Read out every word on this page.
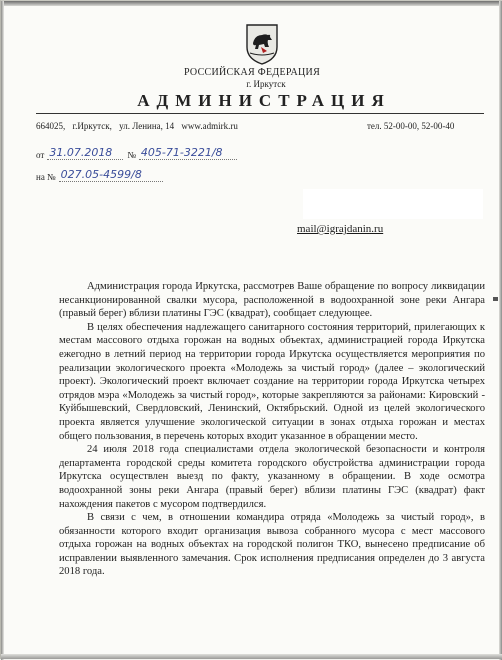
РОССИЙСКАЯ ФЕДЕРАЦИЯ
г. Иркутск
АДМИНИСТРАЦИЯ
664025, г.Иркутск, ул. Ленина, 14 www.admirk.ru	тел. 52-00-00, 52-00-40
от 31.07.2018	№ 405-71-3221/8
на № 027.05-4599/8
mail@igrajdanin.ru

Администрация города Иркутска, рассмотрев Ваше обращение по вопросу ликвидации несанкционированной свалки мусора, расположенной в водоохранной зоне реки Ангара (правый берег) вблизи платины ГЭС (квадрат), сообщает следующее.

В целях обеспечения надлежащего санитарного состояния территорий, прилегающих к местам массового отдыха горожан на водных объектах, администрацией города Иркутска ежегодно в летний период на территории города Иркутска осуществляется мероприятия по реализации экологического проекта «Молодежь за чистый город» (далее – экологический проект). Экологический проект включает создание на территории города Иркутска четырех отрядов мэра «Молодежь за чистый город», которые закрепляются за районами: Кировский - Куйбышевский, Свердловский, Ленинский, Октябрьский. Одной из целей экологического проекта является улучшение экологической ситуации в зонах отдыха горожан и местах общего пользования, в перечень которых входит указанное в обращении место.

24 июля 2018 года специалистами отдела экологической безопасности и контроля департамента городской среды комитета городского обустройства администрации города Иркутска осуществлен выезд по факту, указанному в обращении. В ходе осмотра водоохранной зоны реки Ангара (правый берег) вблизи платины ГЭС (квадрат) факт нахождения пакетов с мусором подтвердился.

В связи с чем, в отношении командира отряда «Молодежь за чистый город», в обязанности которого входит организация вывоза собранного мусора с мест массового отдыха горожан на водных объектах на городской полигон ТКО, вынесено предписание об исправлении выявленного замечания. Срок исполнения предписания определен до 3 августа 2018 года.
